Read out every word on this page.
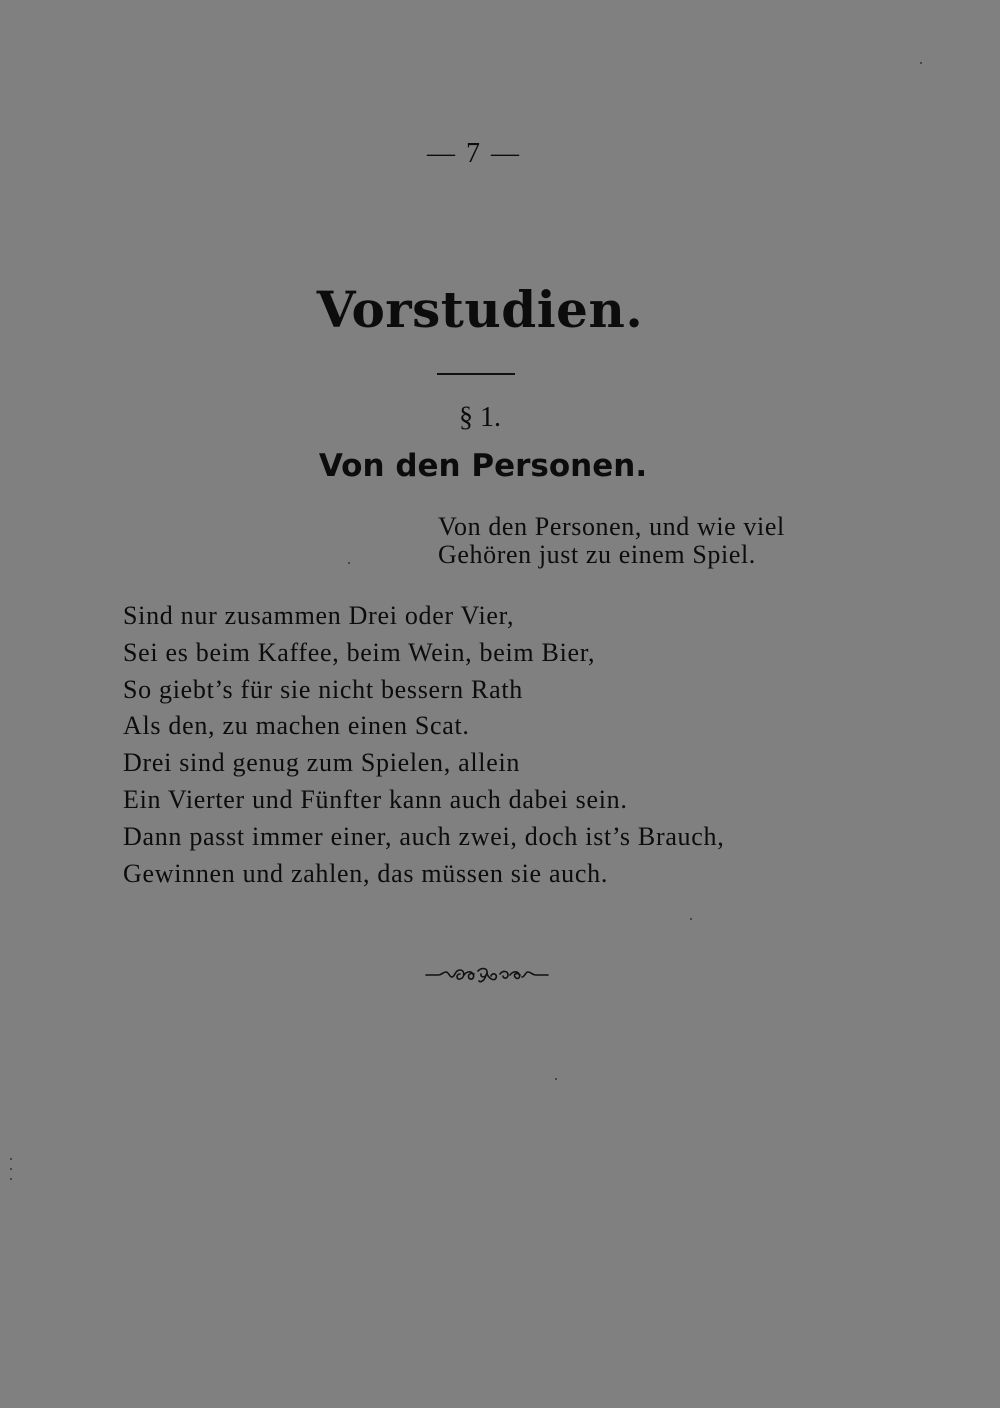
— 7 —
Vorstudien.
§ 1.
Von den Personen.
Von den Personen, und wie viel
Gehören just zu einem Spiel.
Sind nur zusammen Drei oder Vier,
Sei es beim Kaffee, beim Wein, beim Bier,
So giebt’s für sie nicht bessern Rath
Als den, zu machen einen Scat.
Drei sind genug zum Spielen, allein
Ein Vierter und Fünfter kann auch dabei sein.
Dann passt immer einer, auch zwei, doch ist’s Brauch,
Gewinnen und zahlen, das müssen sie auch.
